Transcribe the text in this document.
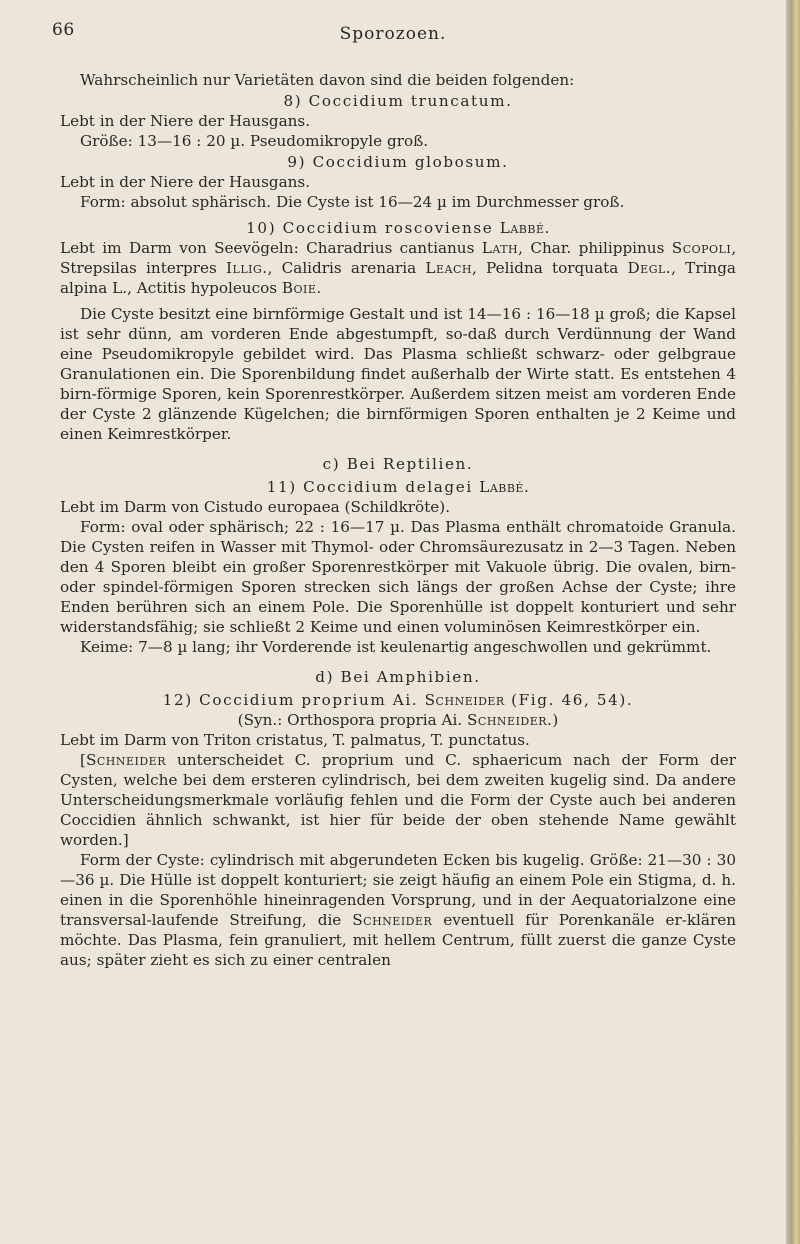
66	Sporozoen.

Wahrscheinlich nur Varietäten davon sind die beiden folgenden:

8) Coccidium truncatum.

Lebt in der Niere der Hausgans.

Größe: 13—16 : 20 µ. Pseudomikropyle groß.

9) Coccidium globosum.

Lebt in der Niere der Hausgans.

Form: absolut sphärisch. Die Cyste ist 16—24 µ im Durchmesser groß.

10) Coccidium roscoviense Labbé.

Lebt im Darm von Seevögeln: Charadrius cantianus Lath, Char. philippinus Scopoli, Strepsilas interpres Illig., Calidris arenaria Leach, Pelidna torquata Degl., Tringa alpina L., Actitis hypoleucos Boie.

Die Cyste besitzt eine birnförmige Gestalt und ist 14—16 : 16—18 µ groß; die Kapsel ist sehr dünn, am vorderen Ende abgestumpft, so-daß durch Verdünnung der Wand eine Pseudomikropyle gebildet wird. Das Plasma schließt schwarz- oder gelbgraue Granulationen ein. Die Sporenbildung findet außerhalb der Wirte statt. Es entstehen 4 birn-förmige Sporen, kein Sporenrestkörper. Außerdem sitzen meist am vorderen Ende der Cyste 2 glänzende Kügelchen; die birnförmigen Sporen enthalten je 2 Keime und einen Keimrestkörper.

c) Bei Reptilien.

11) Coccidium delagei Labbé.

Lebt im Darm von Cistudo europaea (Schildkröte).

Form: oval oder sphärisch; 22 : 16—17 µ. Das Plasma enthält chromatoide Granula. Die Cysten reifen in Wasser mit Thymol- oder Chromsäurezusatz in 2—3 Tagen. Neben den 4 Sporen bleibt ein großer Sporenrestkörper mit Vakuole übrig. Die ovalen, birn- oder spindel-förmigen Sporen strecken sich längs der großen Achse der Cyste; ihre Enden berühren sich an einem Pole. Die Sporenhülle ist doppelt konturiert und sehr widerstandsfähig; sie schließt 2 Keime und einen voluminösen Keimrestkörper ein.

Keime: 7—8 µ lang; ihr Vorderende ist keulenartig angeschwollen und gekrümmt.

d) Bei Amphibien.

12) Coccidium proprium Ai. Schneider (Fig. 46, 54).

(Syn.: Orthospora propria Ai. Schneider.)

Lebt im Darm von Triton cristatus, T. palmatus, T. punctatus.

[Schneider unterscheidet C. proprium und C. sphaericum nach der Form der Cysten, welche bei dem ersteren cylindrisch, bei dem zweiten kugelig sind. Da andere Unterscheidungsmerkmale vorläufig fehlen und die Form der Cyste auch bei anderen Coccidien ähnlich schwankt, ist hier für beide der oben stehende Name gewählt worden.]

Form der Cyste: cylindrisch mit abgerundeten Ecken bis kugelig. Größe: 21—30 : 30—36 µ. Die Hülle ist doppelt konturiert; sie zeigt häufig an einem Pole ein Stigma, d. h. einen in die Sporenhöhle hineinragenden Vorsprung, und in der Aequatorialzone eine transversal-laufende Streifung, die Schneider eventuell für Porenkanäle er-klären möchte. Das Plasma, fein granuliert, mit hellem Centrum, füllt zuerst die ganze Cyste aus; später zieht es sich zu einer centralen
